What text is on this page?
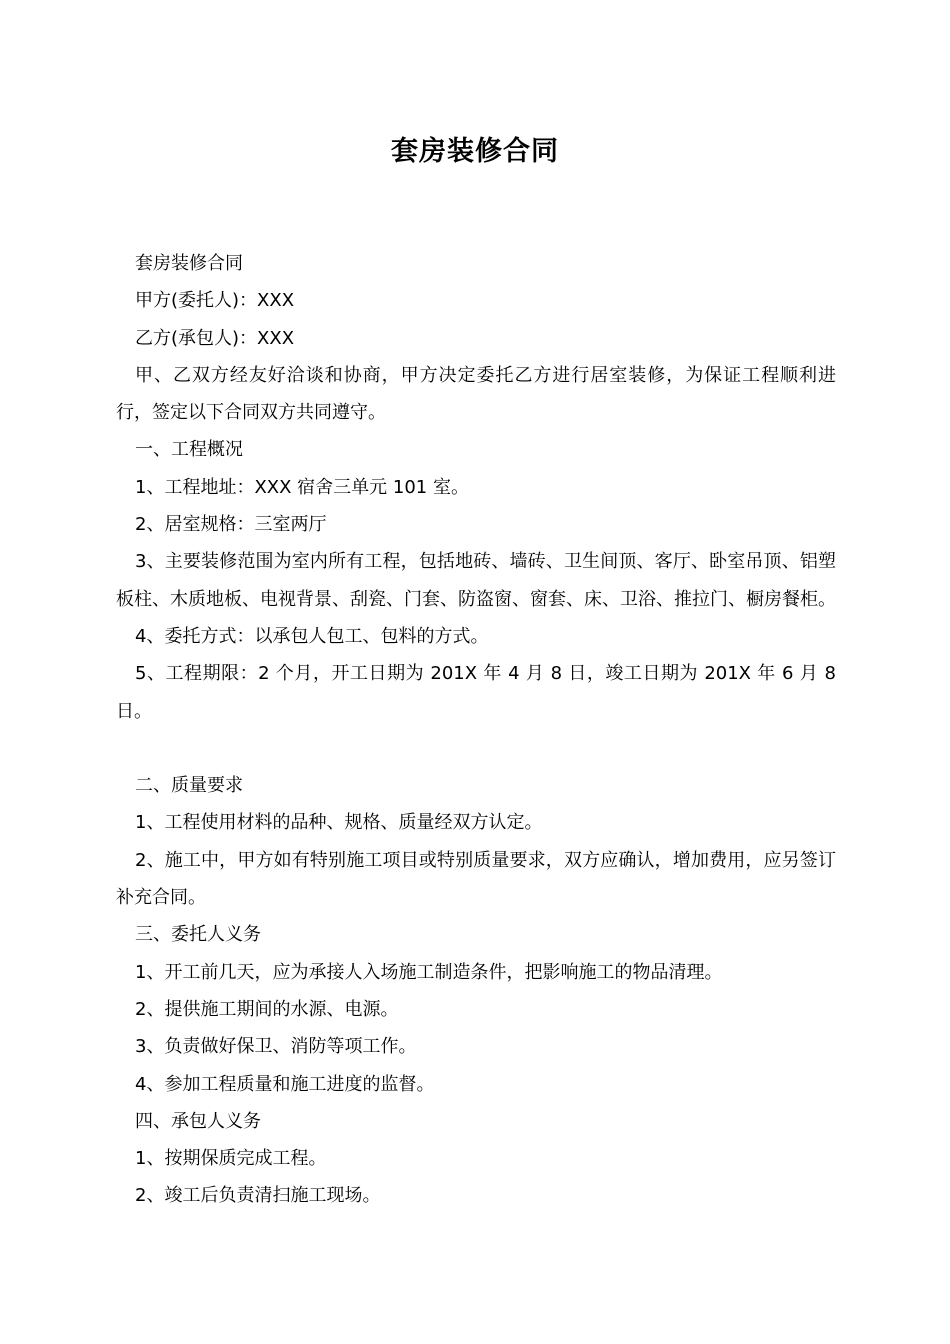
套房装修合同

套房装修合同

甲方(委托人)：XXX

乙方(承包人)：XXX

甲、乙双方经友好洽谈和协商，甲方决定委托乙方进行居室装修，为保证工程顺利进行，签定以下合同双方共同遵守。

一、工程概况

1、工程地址：XXX 宿舍三单元 101 室。

2、居室规格：三室两厅

3、主要装修范围为室内所有工程，包括地砖、墙砖、卫生间顶、客厅、卧室吊顶、铝塑板柱、木质地板、电视背景、刮瓷、门套、防盗窗、窗套、床、卫浴、推拉门、橱房餐柜。

4、委托方式：以承包人包工、包料的方式。

5、工程期限：2 个月，开工日期为 201X 年 4 月 8 日，竣工日期为 201X 年 6 月 8 日。

二、质量要求

1、工程使用材料的品种、规格、质量经双方认定。

2、施工中，甲方如有特别施工项目或特别质量要求，双方应确认，增加费用，应另签订补充合同。

三、委托人义务

1、开工前几天，应为承接人入场施工制造条件，把影响施工的物品清理。

2、提供施工期间的水源、电源。

3、负责做好保卫、消防等项工作。

4、参加工程质量和施工进度的监督。

四、承包人义务

1、按期保质完成工程。

2、竣工后负责清扫施工现场。
